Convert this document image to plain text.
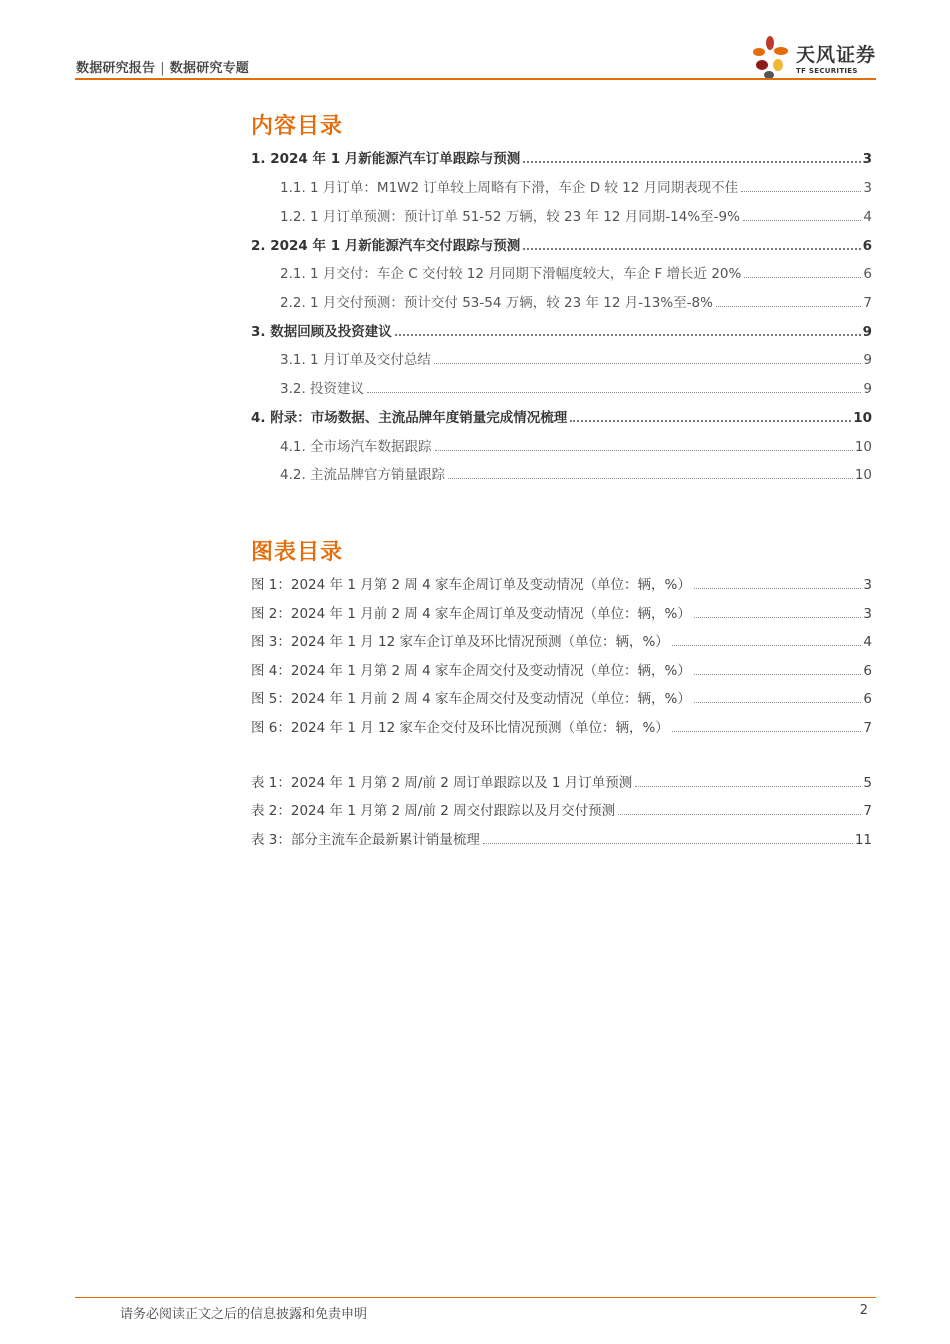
数据研究报告 | 数据研究专题
天风证券
TF SECURITIES
内容目录
1. 2024 年 1 月新能源汽车订单跟踪与预测	3
1.1. 1 月订单：M1W2 订单较上周略有下滑，车企 D 较 12 月同期表现不佳	3
1.2. 1 月订单预测：预计订单 51-52 万辆，较 23 年 12 月同期-14%至-9%	4
2. 2024 年 1 月新能源汽车交付跟踪与预测	6
2.1. 1 月交付：车企 C 交付较 12 月同期下滑幅度较大，车企 F 增长近 20%	6
2.2. 1 月交付预测：预计交付 53-54 万辆，较 23 年 12 月-13%至-8%	7
3. 数据回顾及投资建议	9
3.1. 1 月订单及交付总结	9
3.2. 投资建议	9
4. 附录：市场数据、主流品牌年度销量完成情况梳理	10
4.1. 全市场汽车数据跟踪	10
4.2. 主流品牌官方销量跟踪	10
图表目录
图 1：2024 年 1 月第 2 周 4 家车企周订单及变动情况（单位：辆，%）	3
图 2：2024 年 1 月前 2 周 4 家车企周订单及变动情况（单位：辆，%）	3
图 3：2024 年 1 月 12 家车企订单及环比情况预测（单位：辆，%）	4
图 4：2024 年 1 月第 2 周 4 家车企周交付及变动情况（单位：辆，%）	6
图 5：2024 年 1 月前 2 周 4 家车企周交付及变动情况（单位：辆，%）	6
图 6：2024 年 1 月 12 家车企交付及环比情况预测（单位：辆，%）	7
表 1：2024 年 1 月第 2 周/前 2 周订单跟踪以及 1 月订单预测	5
表 2：2024 年 1 月第 2 周/前 2 周交付跟踪以及月交付预测	7
表 3：部分主流车企最新累计销量梳理	11
请务必阅读正文之后的信息披露和免责申明	2
